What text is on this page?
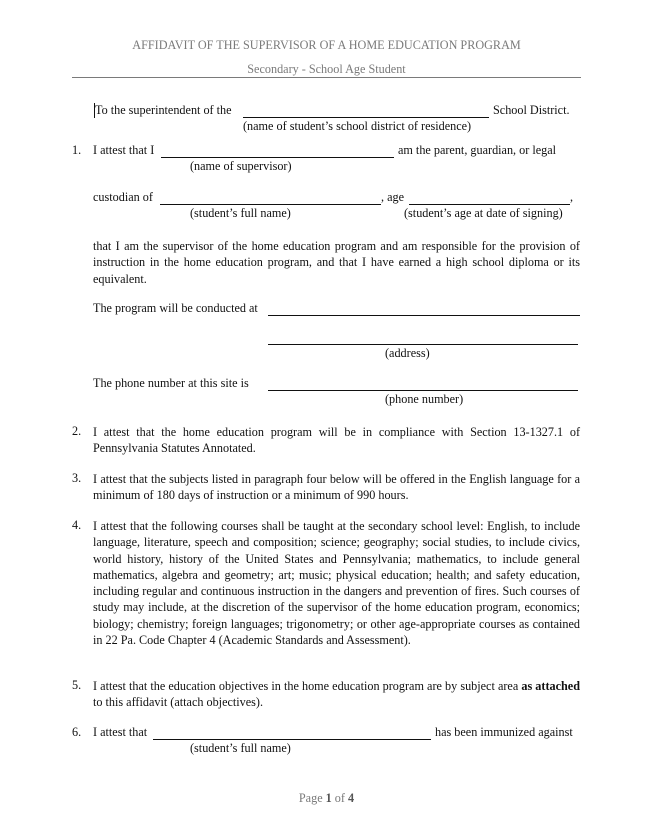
AFFIDAVIT OF THE SUPERVISOR OF A HOME EDUCATION PROGRAM
Secondary - School Age Student
To the superintendent of the	School District.
(name of student’s school district of residence)
1. I attest that I	am the parent, guardian, or legal
(name of supervisor)
custodian of	, age	,
(student’s full name)	(student’s age at date of signing)
that I am the supervisor of the home education program and am responsible for the provision of instruction in the home education program, and that I have earned a high school diploma or its equivalent.
The program will be conducted at
(address)
The phone number at this site is
(phone number)
2. I attest that the home education program will be in compliance with Section 13-1327.1 of Pennsylvania Statutes Annotated.
3. I attest that the subjects listed in paragraph four below will be offered in the English language for a minimum of 180 days of instruction or a minimum of 990 hours.
4. I attest that the following courses shall be taught at the secondary school level: English, to include language, literature, speech and composition; science; geography; social studies, to include civics, world history, history of the United States and Pennsylvania; mathematics, to include general mathematics, algebra and geometry; art; music; physical education; health; and safety education, including regular and continuous instruction in the dangers and prevention of fires. Such courses of study may include, at the discretion of the supervisor of the home education program, economics; biology; chemistry; foreign languages; trigonometry; or other age-appropriate courses as contained in 22 Pa. Code Chapter 4 (Academic Standards and Assessment).
5. I attest that the education objectives in the home education program are by subject area as attached to this affidavit (attach objectives).
6. I attest that	has been immunized against
(student’s full name)
Page 1 of 4
